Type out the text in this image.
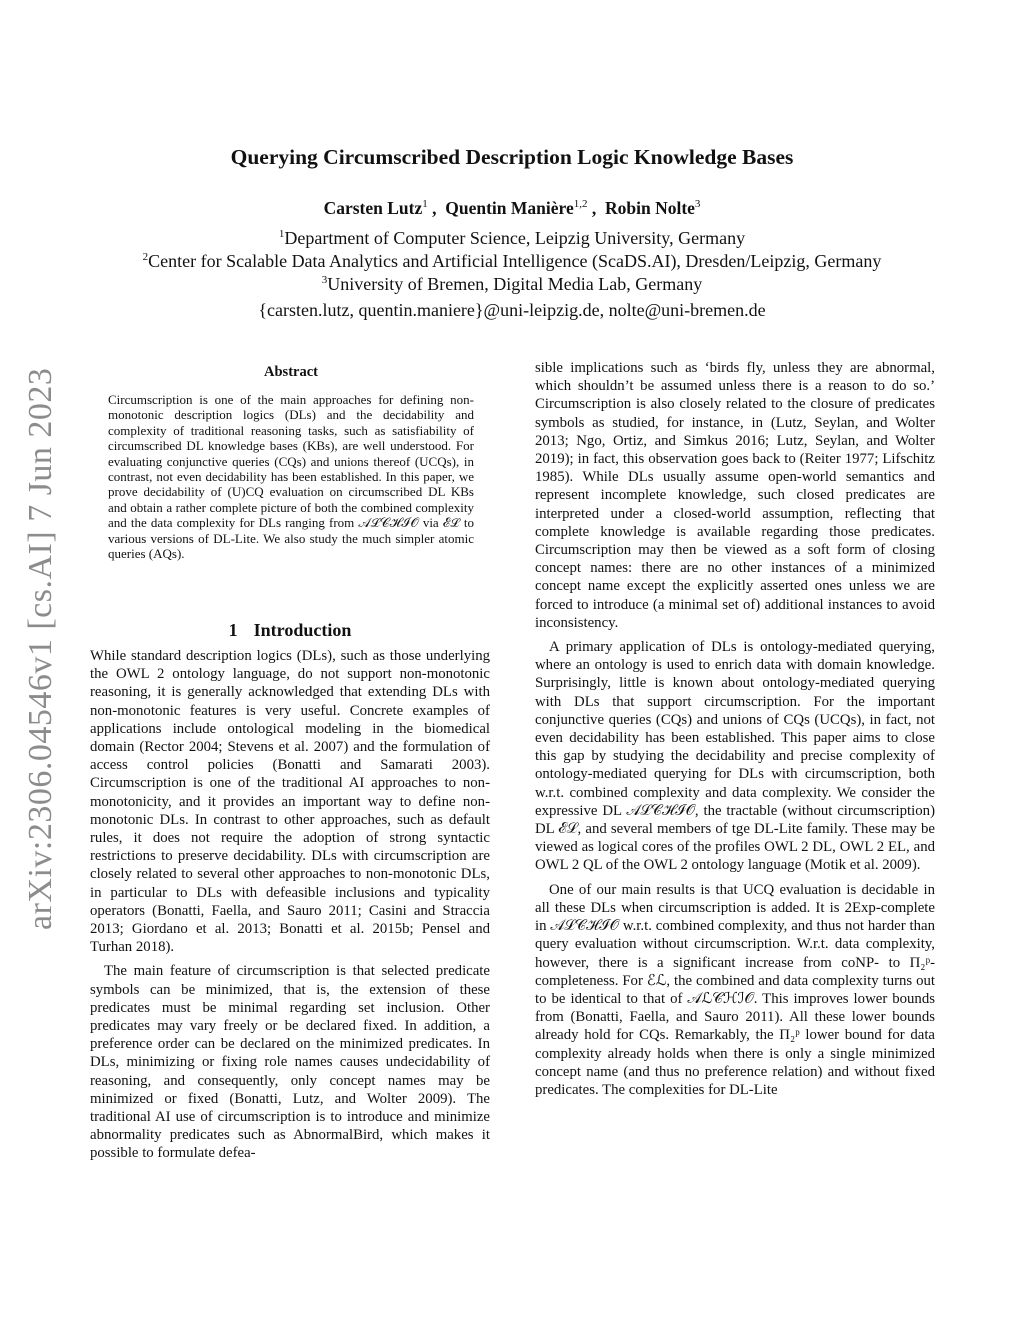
arXiv:2306.04546v1 [cs.AI] 7 Jun 2023
Querying Circumscribed Description Logic Knowledge Bases
Carsten Lutz$^1$ ,  Quentin Manière$^{1,2}$ ,  Robin Nolte$^3$
$^1$Department of Computer Science, Leipzig University, Germany
$^2$Center for Scalable Data Analytics and Artificial Intelligence (ScaDS.AI), Dresden/Leipzig, Germany
$^3$University of Bremen, Digital Media Lab, Germany
{carsten.lutz, quentin.maniere}@uni-leipzig.de, nolte@uni-bremen.de
Abstract
Circumscription is one of the main approaches for defining non-monotonic description logics (DLs) and the decidability and complexity of traditional reasoning tasks, such as satisfiability of circumscribed DL knowledge bases (KBs), are well understood. For evaluating conjunctive queries (CQs) and unions thereof (UCQs), in contrast, not even decidability has been established. In this paper, we prove decidability of (U)CQ evaluation on circumscribed DL KBs and obtain a rather complete picture of both the combined complexity and the data complexity for DLs ranging from 𝒜ℒ𝒞ℋℐ𝒪 via ℰℒ to various versions of DL-Lite. We also study the much simpler atomic queries (AQs).
1 Introduction

While standard description logics (DLs), such as those underlying the OWL 2 ontology language, do not support non-monotonic reasoning, it is generally acknowledged that extending DLs with non-monotonic features is very useful. Concrete examples of applications include ontological modeling in the biomedical domain (Rector 2004; Stevens et al. 2007) and the formulation of access control policies (Bonatti and Samarati 2003). Circumscription is one of the traditional AI approaches to non-monotonicity, and it provides an important way to define non-monotonic DLs. In contrast to other approaches, such as default rules, it does not require the adoption of strong syntactic restrictions to preserve decidability. DLs with circumscription are closely related to several other approaches to non-monotonic DLs, in particular to DLs with defeasible inclusions and typicality operators (Bonatti, Faella, and Sauro 2011; Casini and Straccia 2013; Giordano et al. 2013; Bonatti et al. 2015b; Pensel and Turhan 2018).

The main feature of circumscription is that selected predicate symbols can be minimized, that is, the extension of these predicates must be minimal regarding set inclusion. Other predicates may vary freely or be declared fixed. In addition, a preference order can be declared on the minimized predicates. In DLs, minimizing or fixing role names causes undecidability of reasoning, and consequently, only concept names may be minimized or fixed (Bonatti, Lutz, and Wolter 2009). The traditional AI use of circumscription is to introduce and minimize abnormality predicates such as AbnormalBird, which makes it possible to formulate defea-

sible implications such as ‘birds fly, unless they are abnormal, which shouldn’t be assumed unless there is a reason to do so.’ Circumscription is also closely related to the closure of predicates symbols as studied, for instance, in (Lutz, Seylan, and Wolter 2013; Ngo, Ortiz, and Simkus 2016; Lutz, Seylan, and Wolter 2019); in fact, this observation goes back to (Reiter 1977; Lifschitz 1985). While DLs usually assume open-world semantics and represent incomplete knowledge, such closed predicates are interpreted under a closed-world assumption, reflecting that complete knowledge is available regarding those predicates. Circumscription may then be viewed as a soft form of closing concept names: there are no other instances of a minimized concept name except the explicitly asserted ones unless we are forced to introduce (a minimal set of) additional instances to avoid inconsistency.

A primary application of DLs is ontology-mediated querying, where an ontology is used to enrich data with domain knowledge. Surprisingly, little is known about ontology-mediated querying with DLs that support circumscription. For the important conjunctive queries (CQs) and unions of CQs (UCQs), in fact, not even decidability has been established. This paper aims to close this gap by studying the decidability and precise complexity of ontology-mediated querying for DLs with circumscription, both w.r.t. combined complexity and data complexity. We consider the expressive DL 𝒜ℒ𝒞ℋℐ𝒪, the tractable (without circumscription) DL ℰℒ, and several members of tge DL-Lite family. These may be viewed as logical cores of the profiles OWL 2 DL, OWL 2 EL, and OWL 2 QL of the OWL 2 ontology language (Motik et al. 2009).

One of our main results is that UCQ evaluation is decidable in all these DLs when circumscription is added. It is 2Exp-complete in 𝒜ℒ𝒞ℋℐ𝒪 w.r.t. combined complexity, and thus not harder than query evaluation without circumscription. W.r.t. data complexity, however, there is a significant increase from coNP- to Π₂ᵖ-completeness. For ℰℒ, the combined and data complexity turns out to be identical to that of 𝒜ℒ𝒞ℋℐ𝒪. This improves lower bounds from (Bonatti, Faella, and Sauro 2011). All these lower bounds already hold for CQs. Remarkably, the Π₂ᵖ lower bound for data complexity already holds when there is only a single minimized concept name (and thus no preference relation) and without fixed predicates. The complexities for DL-Lite
